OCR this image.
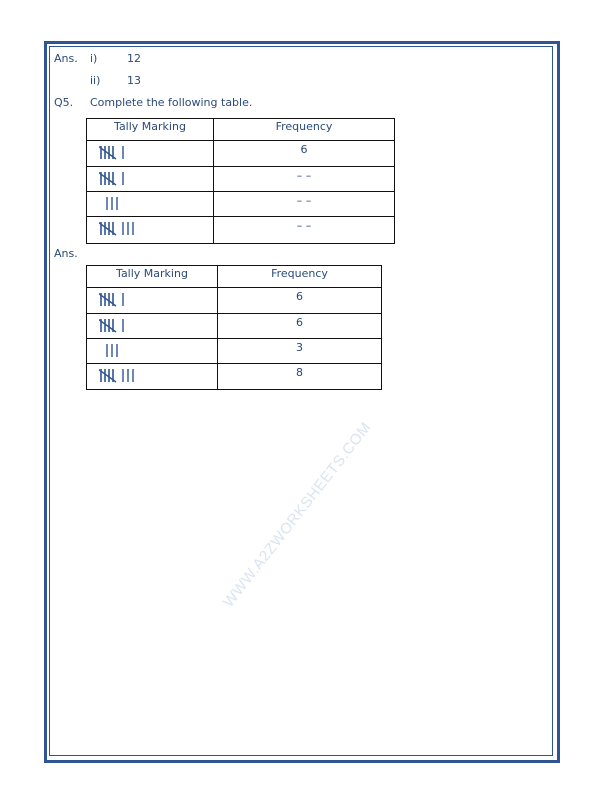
WWW.A2ZWORKSHEETS.COM
Ans. i)	12
ii) 13
Q5. Complete the following table.
Tally Marking	Frequency
	6
	– –
	– –
	– –
Ans.
Tally Marking	Frequency
	6
	6
	3
	8
